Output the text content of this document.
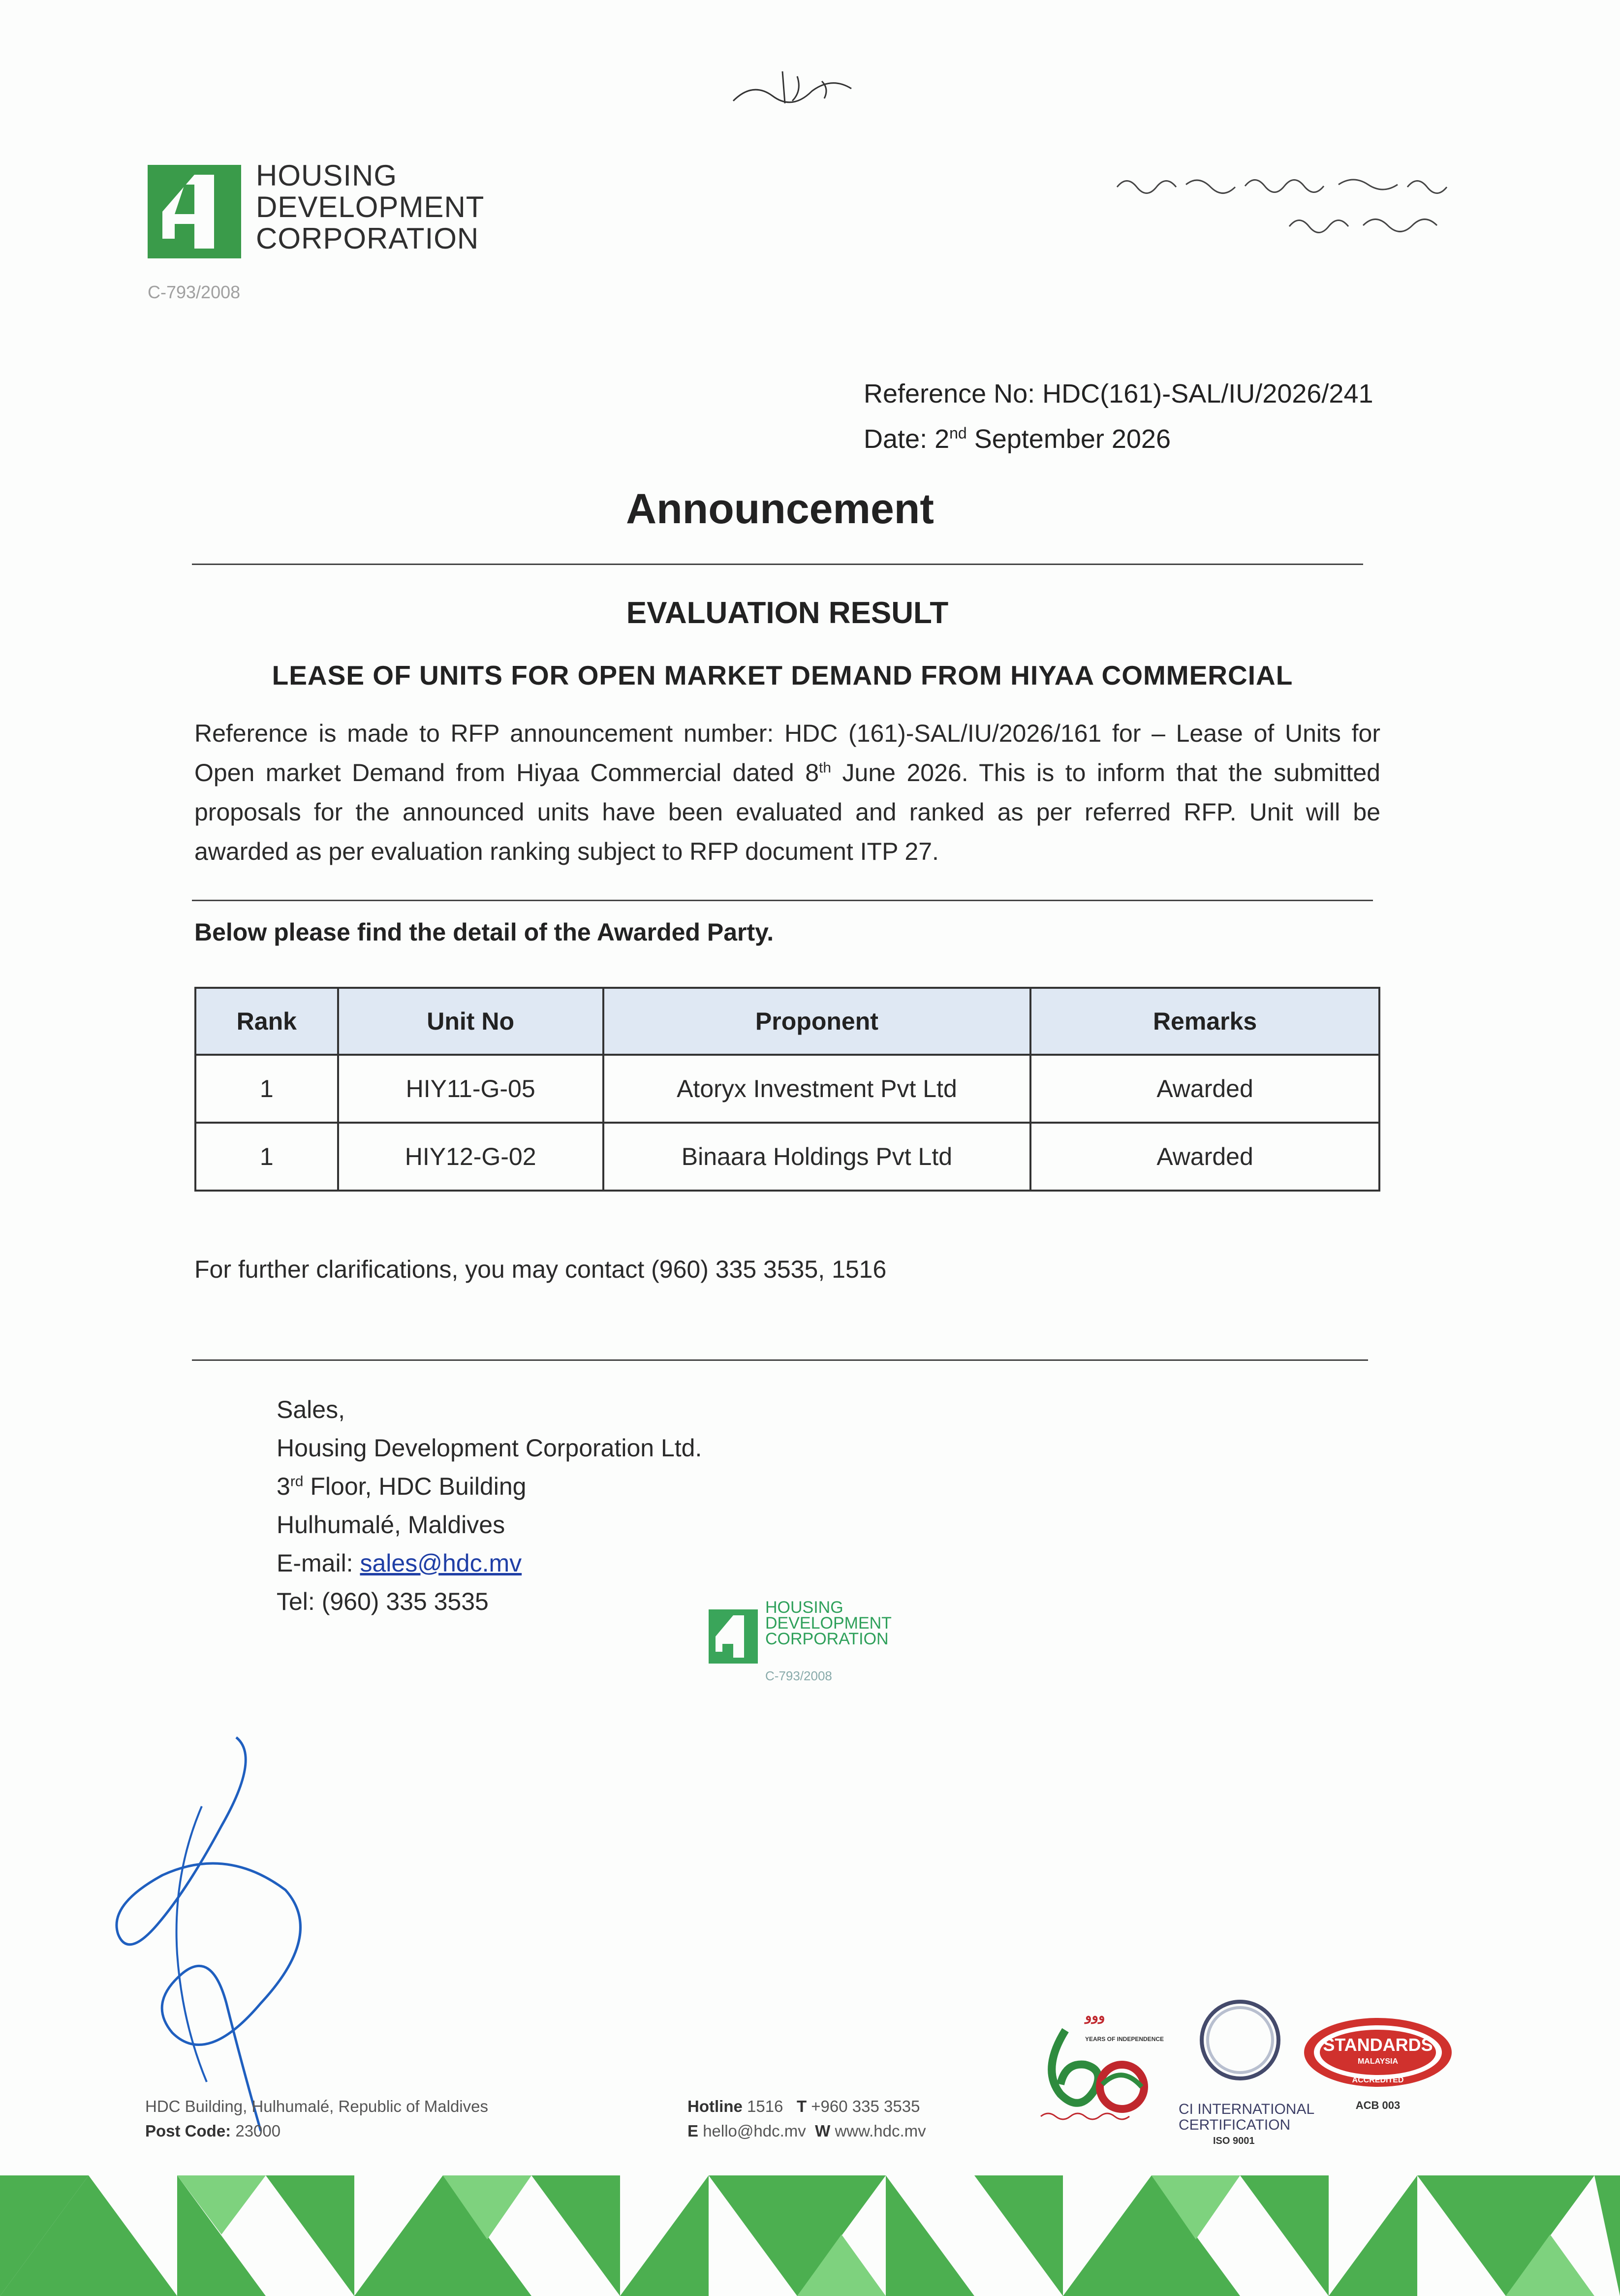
HOUSING
DEVELOPMENT
CORPORATION
C-793/2008
Reference No: HDC(161)-SAL/IU/2026/241
Date: 2nd September 2026
Announcement
EVALUATION RESULT
LEASE OF UNITS FOR OPEN MARKET DEMAND FROM HIYAA COMMERCIAL
Reference is made to RFP announcement number: HDC (161)-SAL/IU/2026/161 for – Lease of Units for Open market Demand from Hiyaa Commercial dated 8th June 2026. This is to inform that the submitted proposals for the announced units have been evaluated and ranked as per referred RFP. Unit will be awarded as per evaluation ranking subject to RFP document ITP 27.
Below please find the detail of the Awarded Party.
Rank	Unit No	Proponent	Remarks
1	HIY11-G-05	Atoryx Investment Pvt Ltd	Awarded
1	HIY12-G-02	Binaara Holdings Pvt Ltd	Awarded
For further clarifications, you may contact (960) 335 3535, 1516
Sales,
Housing Development Corporation Ltd.
3rd Floor, HDC Building
Hulhumalé, Maldives
E-mail: sales@hdc.mv
Tel: (960) 335 3535	HOUSING
DEVELOPMENT
CORPORATION
C-793/2008
HDC Building, Hulhumalé, Republic of Maldives
Post Code: 23000
Hotline 1516 T +960 335 3535
E hello@hdc.mv W www.hdc.mv
ﻭﻭﻭ
YEARS OF INDEPENDENCE
CI INTERNATIONAL
CERTIFICATION
ISO 9001
STANDARDS
MALAYSIA
ACCREDITED
ACB 003
